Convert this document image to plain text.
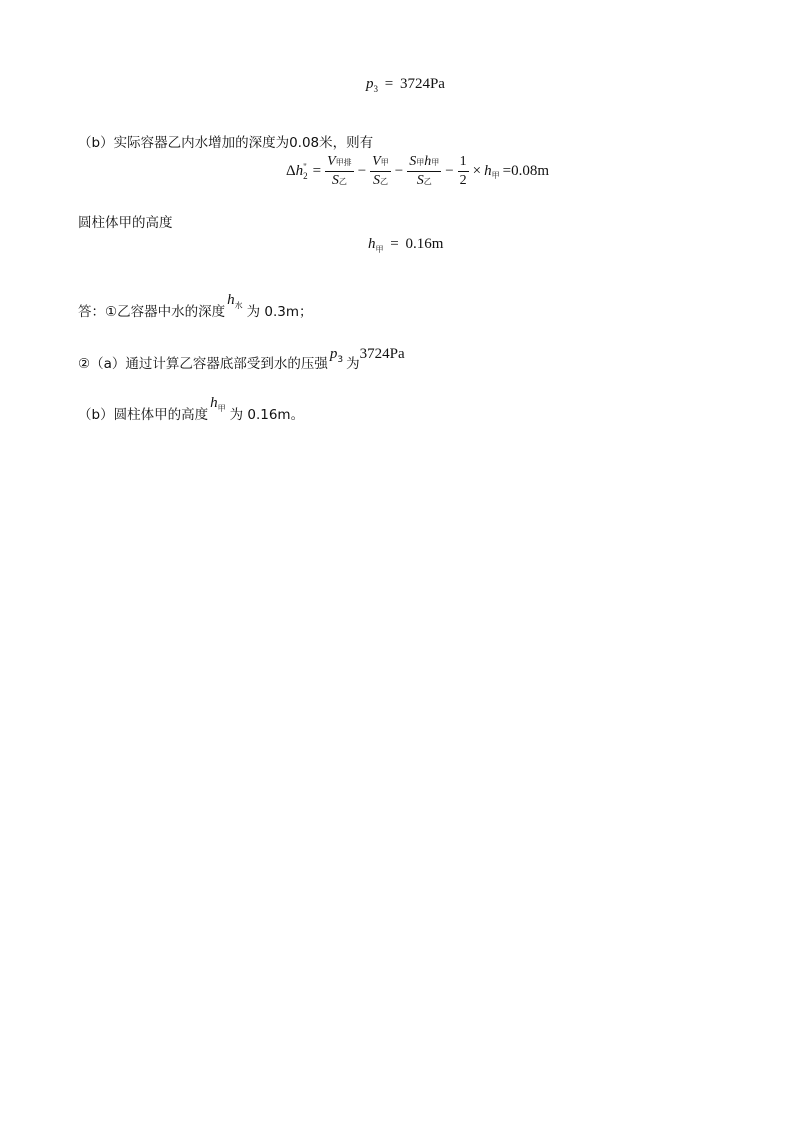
$p_3 = 3724Pa$
（b）实际容器乙内水增加的深度为0.08米，则有
Δ h "
$2 = \frac{\text{V甲排}}{\text{S乙}} - \frac{\text{V甲}}{\text{S乙}} - \frac{\text{S甲h甲}}{\text{S乙}} - \frac{1}{2} \times h$ 甲 =0.08m
圆柱体甲的高度
$h_甲 = 0.16m$
答：①乙容器中水的深度$h^水$ 为 0.3m；
②（a）通过计算乙容器底部受到水的压强$p^3$ 为3724Pa
（b）圆柱体甲的高度$h^甲$ 为 0.16m。
